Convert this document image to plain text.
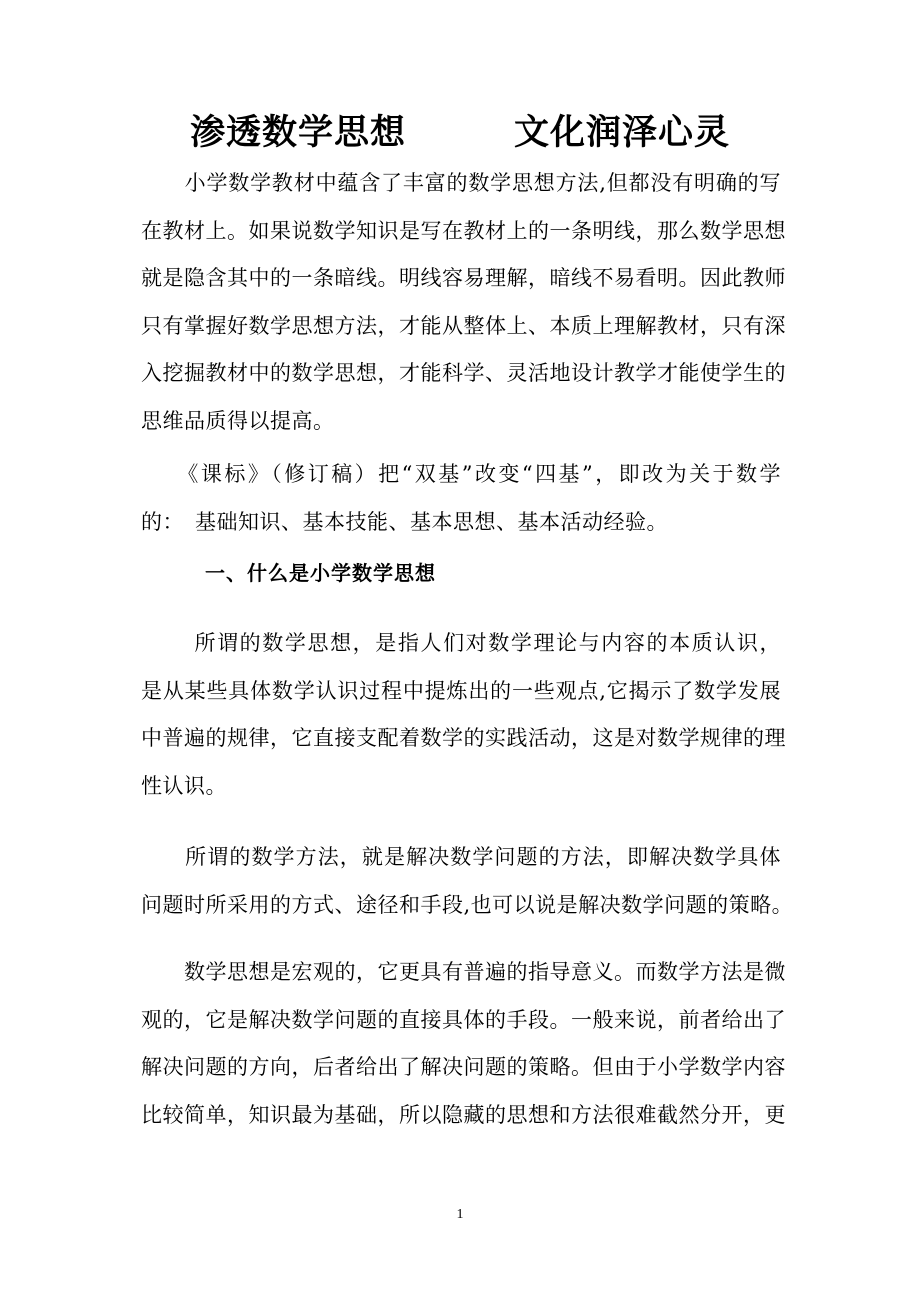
渗透数学思想　　　文化润泽心灵
　　小学数学教材中蕴含了丰富的数学思想方法,但都没有明确的写
在教材上。如果说数学知识是写在教材上的一条明线，那么数学思想
就是隐含其中的一条暗线。明线容易理解，暗线不易看明。因此教师
只有掌握好数学思想方法，才能从整体上、本质上理解教材，只有深
入挖掘教材中的数学思想，才能科学、灵活地设计教学才能使学生的
思维品质得以提高。
　　《课标》（修订稿）把“双基”改变“四基”，即改为关于数学
的：　基础知识、基本技能、基本思想、基本活动经验。
一、什么是小学数学思想
　　 所谓的数学思想，是指人们对数学理论与内容的本质认识，
是从某些具体数学认识过程中提炼出的一些观点,它揭示了数学发展
中普遍的规律，它直接支配着数学的实践活动，这是对数学规律的理
性认识。
　　所谓的数学方法，就是解决数学问题的方法，即解决数学具体
问题时所采用的方式、途径和手段,也可以说是解决数学问题的策略。
　　数学思想是宏观的，它更具有普遍的指导意义。而数学方法是微
观的，它是解决数学问题的直接具体的手段。一般来说，前者给出了
解决问题的方向，后者给出了解决问题的策略。但由于小学数学内容
比较简单，知识最为基础，所以隐藏的思想和方法很难截然分开，更
1
